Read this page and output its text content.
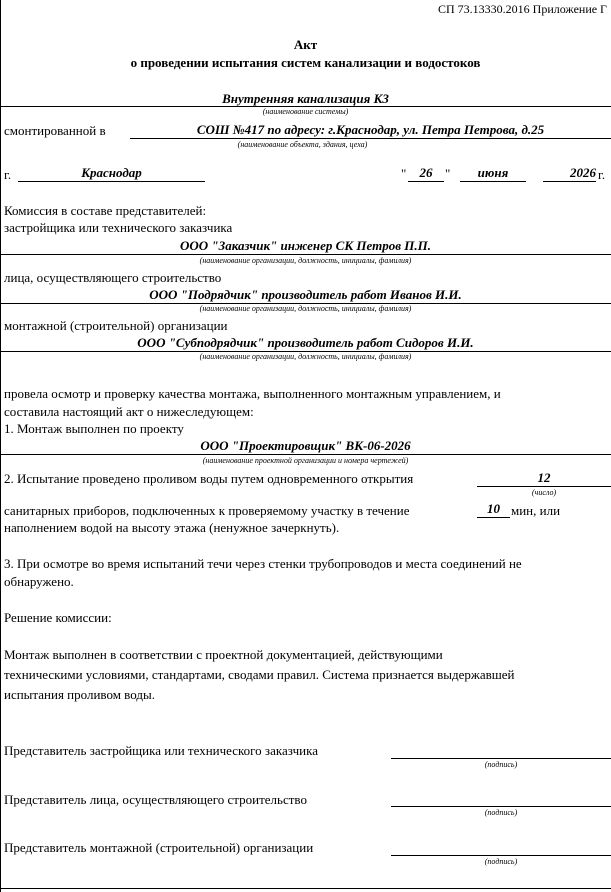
СП 73.13330.2016 Приложение Г
Акт
о проведении испытания систем канализации и водостоков
Внутренняя канализация К3
(наименование системы)
смонтированной в	СОШ №417 по адресу: г.Краснодар, ул. Петра Петрова, д.25
(наименование объекта, здания, цеха)
г.	Краснодар	"	26 "	июня	2026 г.
Комиссия в составе представителей:
застройщика или технического заказчика
ООО "Заказчик" инженер СК Петров П.П.
(наименование организации, должность, инициалы, фамилия)
лица, осуществляющего строительство
ООО "Подрядчик" производитель работ Иванов И.И.
(наименование организации, должность, инициалы, фамилия)
монтажной (строительной) организации
ООО "Субподрядчик" производитель работ Сидоров И.И.
(наименование организации, должность, инициалы, фамилия)
провела осмотр и проверку качества монтажа, выполненного монтажным управлением, и
составила настоящий акт о нижеследующем:
1. Монтаж выполнен по проекту
ООО "Проектировщик" ВК-06-2026
(наименование проектной организации и номера чертежей)
2. Испытание проведено проливом воды путем одновременного открытия	12
(число)
санитарных приборов, подключенных к проверяемому участку в течение	10 мин, или
наполнением водой на высоту этажа (ненужное зачеркнуть).
3. При осмотре во время испытаний течи через стенки трубопроводов и места соединений не
обнаружено.
Решение комиссии:
Монтаж выполнен в соответствии с проектной документацией, действующими
техническими условиями, стандартами, сводами правил. Система признается выдержавшей
испытания проливом воды.
Представитель застройщика или технического заказчика
(подпись)
Представитель лица, осуществляющего строительство
(подпись)
Представитель монтажной (строительной) организации
(подпись)
